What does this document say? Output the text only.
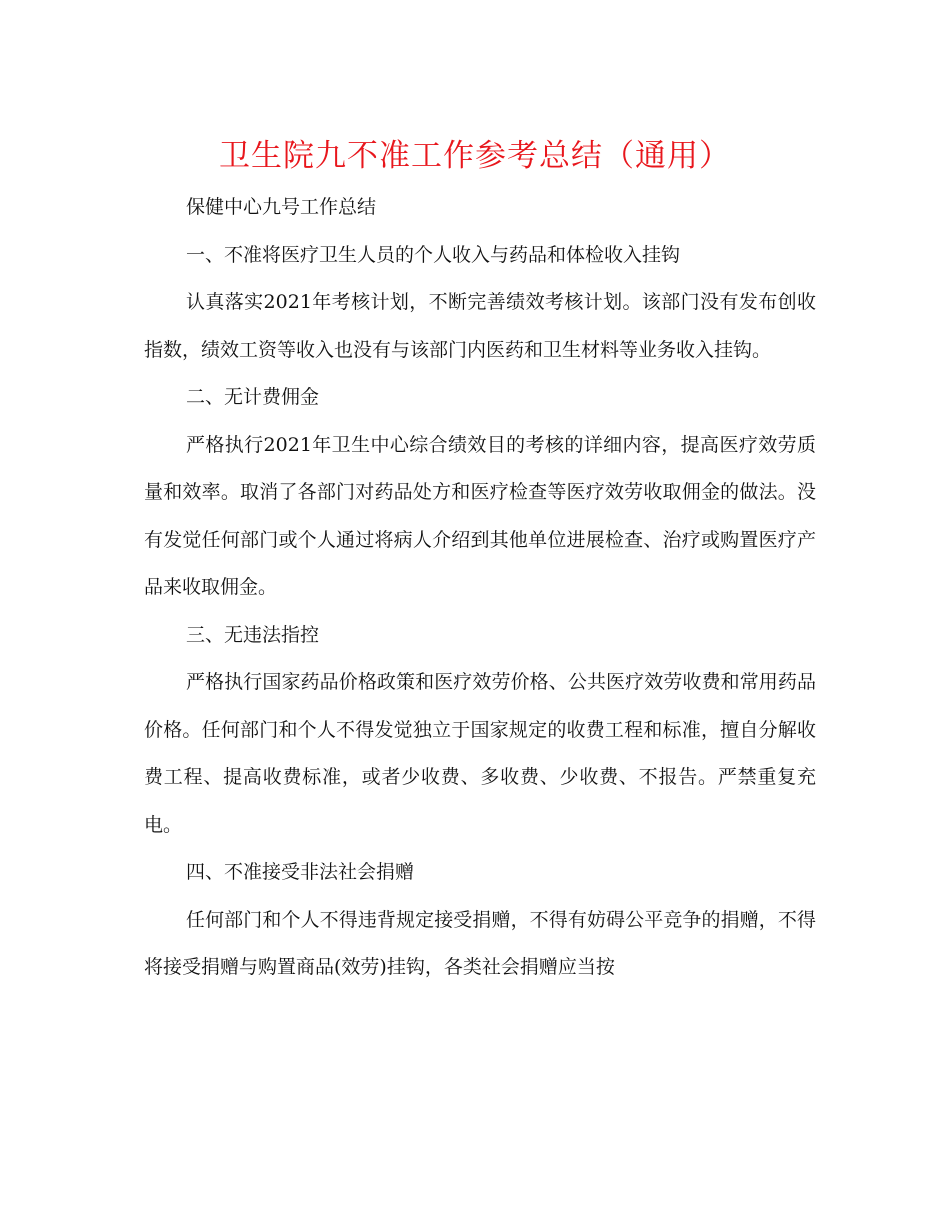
卫生院九不准工作参考总结（通用）

保健中心九号工作总结

一、不准将医疗卫生人员的个人收入与药品和体检收入挂钩

认真落实2021年考核计划，不断完善绩效考核计划。该部门没有发布创收指数，绩效工资等收入也没有与该部门内医药和卫生材料等业务收入挂钩。

二、无计费佣金

严格执行2021年卫生中心综合绩效目的考核的详细内容，提高医疗效劳质量和效率。取消了各部门对药品处方和医疗检查等医疗效劳收取佣金的做法。没有发觉任何部门或个人通过将病人介绍到其他单位进展检查、治疗或购置医疗产品来收取佣金。

三、无违法指控

严格执行国家药品价格政策和医疗效劳价格、公共医疗效劳收费和常用药品价格。任何部门和个人不得发觉独立于国家规定的收费工程和标准，擅自分解收费工程、提高收费标准，或者少收费、多收费、少收费、不报告。严禁重复充电。

四、不准接受非法社会捐赠

任何部门和个人不得违背规定接受捐赠，不得有妨碍公平竞争的捐赠，不得将接受捐赠与购置商品(效劳)挂钩，各类社会捐赠应当按
